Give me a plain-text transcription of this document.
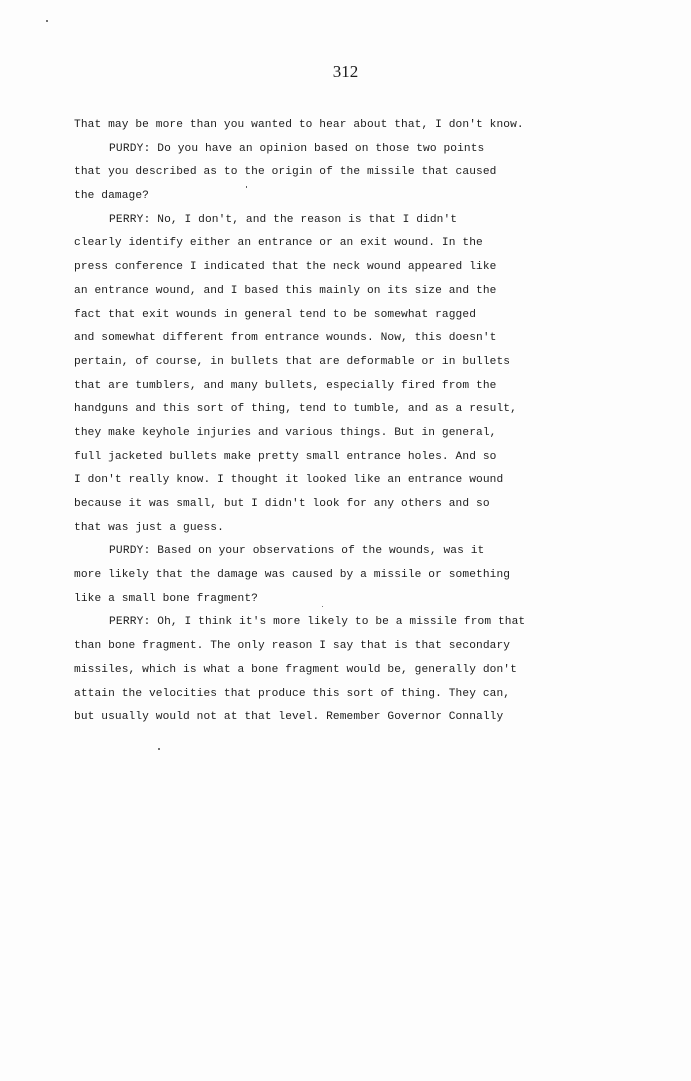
312
That may be more than you wanted to hear about that, I don't know.
PURDY: Do you have an opinion based on those two points
that you described as to the origin of the missile that caused
the damage?
PERRY: No, I don't, and the reason is that I didn't
clearly identify either an entrance or an exit wound. In the
press conference I indicated that the neck wound appeared like
an entrance wound, and I based this mainly on its size and the
fact that exit wounds in general tend to be somewhat ragged
and somewhat different from entrance wounds. Now, this doesn't
pertain, of course, in bullets that are deformable or in bullets
that are tumblers, and many bullets, especially fired from the
handguns and this sort of thing, tend to tumble, and as a result,
they make keyhole injuries and various things. But in general,
full jacketed bullets make pretty small entrance holes. And so
I don't really know. I thought it looked like an entrance wound
because it was small, but I didn't look for any others and so
that was just a guess.
PURDY: Based on your observations of the wounds, was it
more likely that the damage was caused by a missile or something
like a small bone fragment?
PERRY: Oh, I think it's more likely to be a missile from that
than bone fragment. The only reason I say that is that secondary
missiles, which is what a bone fragment would be, generally don't
attain the velocities that produce this sort of thing. They can,
but usually would not at that level. Remember Governor Connally
